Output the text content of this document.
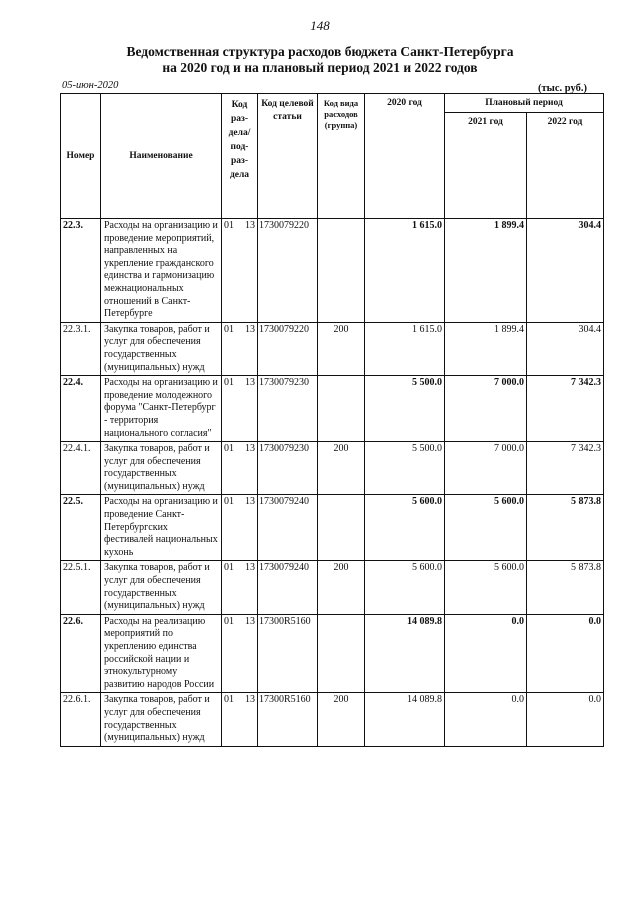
148
Ведомственная структура расходов бюджета Санкт-Петербурга
на 2020 год и на плановый период 2021 и 2022 годов
05-июн-2020	(тыс. руб.)
Номер	Наименование	Код раз-дела/ под-раз-дела	Код целевой статьи	Код вида расходов (группа)	2020 год	Плановый период	
						2021 год	2022 год
22.3.	Расходы на организацию и проведение мероприятий, направленных на укрепление гражданского единства и гармонизацию межнациональных отношений в Санкт-Петербурге	01 13	1730079220		1 615.0	1 899.4	304.4
22.3.1.	Закупка товаров, работ и услуг для обеспечения государственных (муниципальных) нужд	01 13	1730079220	200	1 615.0	1 899.4	304.4
22.4.	Расходы на организацию и проведение молодежного форума "Санкт-Петербург - территория национального согласия"	01 13	1730079230		5 500.0	7 000.0	7 342.3
22.4.1.	Закупка товаров, работ и услуг для обеспечения государственных (муниципальных) нужд	01 13	1730079230	200	5 500.0	7 000.0	7 342.3
22.5.	Расходы на организацию и проведение Санкт-Петербургских фестивалей национальных кухонь	01 13	1730079240		5 600.0	5 600.0	5 873.8
22.5.1.	Закупка товаров, работ и услуг для обеспечения государственных (муниципальных) нужд	01 13	1730079240	200	5 600.0	5 600.0	5 873.8
22.6.	Расходы на реализацию мероприятий по укреплению единства российской нации и этнокультурному развитию народов России	01 13	17300R5160		14 089.8	0.0	0.0
22.6.1.	Закупка товаров, работ и услуг для обеспечения государственных (муниципальных) нужд	01 13	17300R5160	200	14 089.8	0.0	0.0
